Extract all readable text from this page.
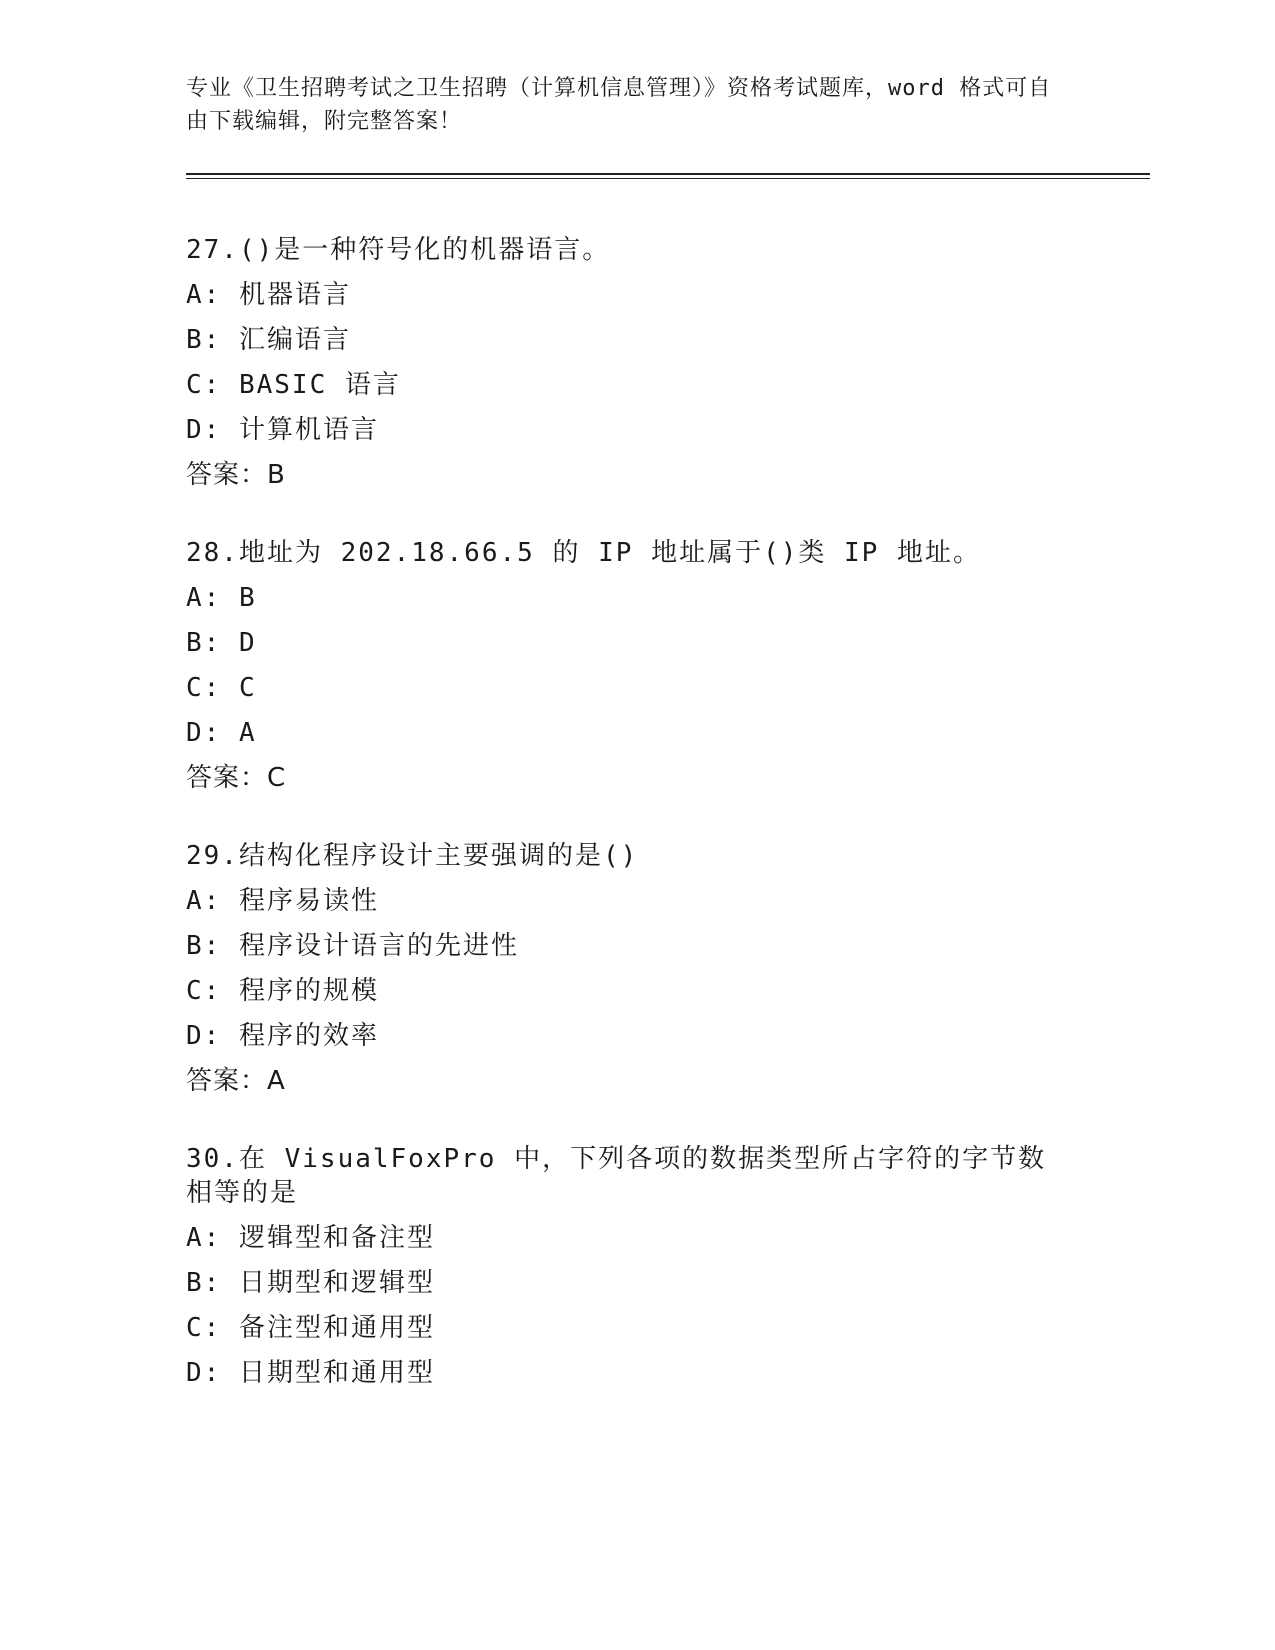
专业《卫生招聘考试之卫生招聘（计算机信息管理）》资格考试题库，word 格式可自由下载编辑，附完整答案！
27.()是一种符号化的机器语言。
A: 机器语言
B: 汇编语言
C: BASIC 语言
D: 计算机语言
答案：B
28.地址为 202.18.66.5 的 IP 地址属于()类 IP 地址。
A: B
B: D
C: C
D: A
答案：C
29.结构化程序设计主要强调的是()
A: 程序易读性
B: 程序设计语言的先进性
C: 程序的规模
D: 程序的效率
答案：A
30.在 VisualFoxPro 中，下列各项的数据类型所占字符的字节数相等的是
A: 逻辑型和备注型
B: 日期型和逻辑型
C: 备注型和通用型
D: 日期型和通用型
